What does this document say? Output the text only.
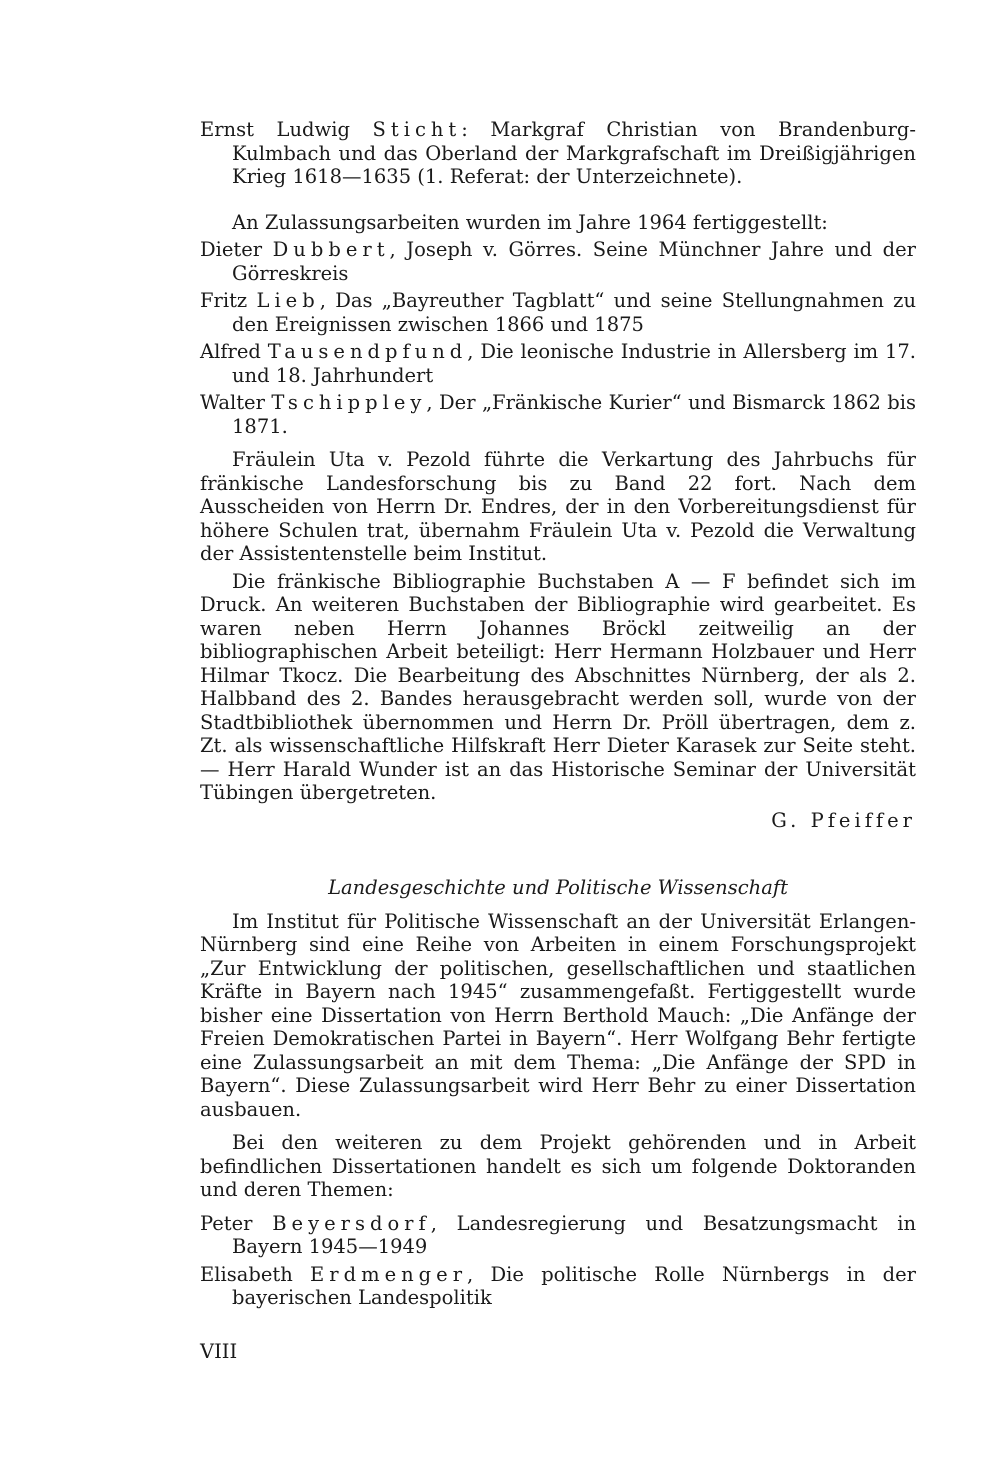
Ernst Ludwig Sticht: Markgraf Christian von Brandenburg-Kulmbach und das Oberland der Markgrafschaft im Dreißigjährigen Krieg 1618—1635 (1. Referat: der Unterzeichnete).

An Zulassungsarbeiten wurden im Jahre 1964 fertiggestellt:

Dieter Dubbert, Joseph v. Görres. Seine Münchner Jahre und der Görreskreis

Fritz Lieb, Das „Bayreuther Tagblatt“ und seine Stellungnahmen zu den Ereignissen zwischen 1866 und 1875

Alfred Tausendpfund, Die leonische Industrie in Allersberg im 17. und 18. Jahrhundert

Walter Tschippley, Der „Fränkische Kurier“ und Bismarck 1862 bis 1871.

Fräulein Uta v. Pezold führte die Verkartung des Jahrbuchs für fränkische Landesforschung bis zu Band 22 fort. Nach dem Ausscheiden von Herrn Dr. Endres, der in den Vorbereitungsdienst für höhere Schulen trat, übernahm Fräulein Uta v. Pezold die Verwaltung der Assistentenstelle beim Institut.

Die fränkische Bibliographie Buchstaben A — F befindet sich im Druck. An weiteren Buchstaben der Bibliographie wird gearbeitet. Es waren neben Herrn Johannes Bröckl zeitweilig an der bibliographischen Arbeit beteiligt: Herr Hermann Holzbauer und Herr Hilmar Tkocz. Die Bearbeitung des Abschnittes Nürnberg, der als 2. Halbband des 2. Bandes herausgebracht werden soll, wurde von der Stadtbibliothek übernommen und Herrn Dr. Pröll übertragen, dem z. Zt. als wissenschaftliche Hilfskraft Herr Dieter Karasek zur Seite steht. — Herr Harald Wunder ist an das Historische Seminar der Universität Tübingen übergetreten.

G. Pfeiffer

Landesgeschichte und Politische Wissenschaft

Im Institut für Politische Wissenschaft an der Universität Erlangen-Nürnberg sind eine Reihe von Arbeiten in einem Forschungsprojekt „Zur Entwicklung der politischen, gesellschaftlichen und staatlichen Kräfte in Bayern nach 1945“ zusammengefaßt. Fertiggestellt wurde bisher eine Dissertation von Herrn Berthold Mauch: „Die Anfänge der Freien Demokratischen Partei in Bayern“. Herr Wolfgang Behr fertigte eine Zulassungsarbeit an mit dem Thema: „Die Anfänge der SPD in Bayern“. Diese Zulassungsarbeit wird Herr Behr zu einer Dissertation ausbauen.

Bei den weiteren zu dem Projekt gehörenden und in Arbeit befindlichen Dissertationen handelt es sich um folgende Doktoranden und deren Themen:

Peter Beyersdorf, Landesregierung und Besatzungsmacht in Bayern 1945—1949

Elisabeth Erdmenger, Die politische Rolle Nürnbergs in der bayerischen Landespolitik

VIII
